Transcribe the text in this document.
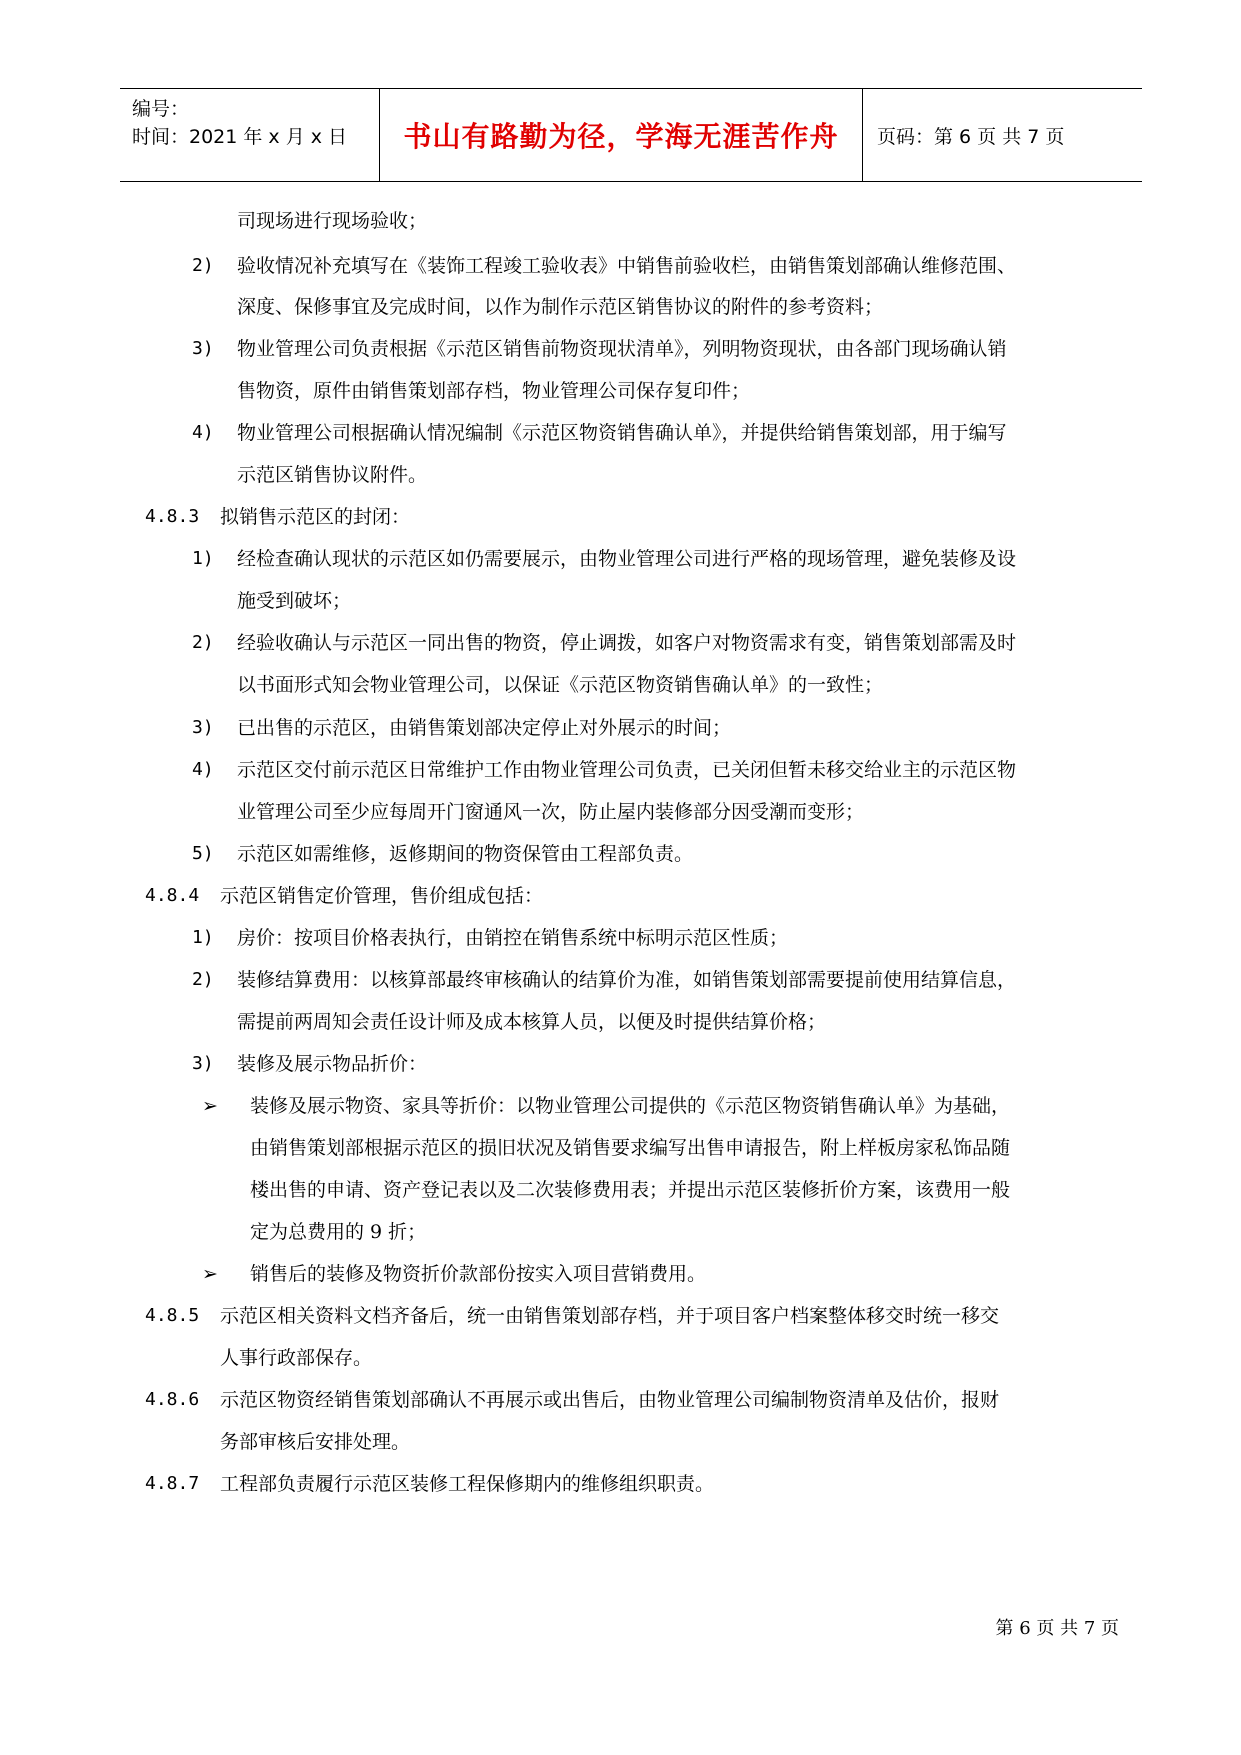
编号：
时间：2021 年 x 月 x 日	书山有路勤为径，学海无涯苦作舟	页码：第 6 页 共 7 页
司现场进行现场验收；
2) 验收情况补充填写在《装饰工程竣工验收表》中销售前验收栏，由销售策划部确认维修范围、
深度、保修事宜及完成时间，以作为制作示范区销售协议的附件的参考资料；
3) 物业管理公司负责根据《示范区销售前物资现状清单》，列明物资现状，由各部门现场确认销
售物资，原件由销售策划部存档，物业管理公司保存复印件；
4) 物业管理公司根据确认情况编制《示范区物资销售确认单》，并提供给销售策划部，用于编写
示范区销售协议附件。
4.8.3 拟销售示范区的封闭：
1) 经检查确认现状的示范区如仍需要展示，由物业管理公司进行严格的现场管理，避免装修及设
施受到破坏；
2) 经验收确认与示范区一同出售的物资，停止调拨，如客户对物资需求有变，销售策划部需及时
以书面形式知会物业管理公司，以保证《示范区物资销售确认单》的一致性；
3) 已出售的示范区，由销售策划部决定停止对外展示的时间；
4) 示范区交付前示范区日常维护工作由物业管理公司负责，已关闭但暂未移交给业主的示范区物
业管理公司至少应每周开门窗通风一次，防止屋内装修部分因受潮而变形；
5) 示范区如需维修，返修期间的物资保管由工程部负责。
4.8.4 示范区销售定价管理，售价组成包括：
1) 房价：按项目价格表执行，由销控在销售系统中标明示范区性质；
2) 装修结算费用：以核算部最终审核确认的结算价为准，如销售策划部需要提前使用结算信息，
需提前两周知会责任设计师及成本核算人员，以便及时提供结算价格；
3) 装修及展示物品折价：
➢ 装修及展示物资、家具等折价：以物业管理公司提供的《示范区物资销售确认单》为基础，
由销售策划部根据示范区的损旧状况及销售要求编写出售申请报告，附上样板房家私饰品随
楼出售的申请、资产登记表以及二次装修费用表；并提出示范区装修折价方案，该费用一般
定为总费用的 9 折；
➢ 销售后的装修及物资折价款部份按实入项目营销费用。
4.8.5 示范区相关资料文档齐备后，统一由销售策划部存档，并于项目客户档案整体移交时统一移交
人事行政部保存。
4.8.6 示范区物资经销售策划部确认不再展示或出售后，由物业管理公司编制物资清单及估价，报财
务部审核后安排处理。
4.8.7 工程部负责履行示范区装修工程保修期内的维修组织职责。
第 6 页 共 7 页
